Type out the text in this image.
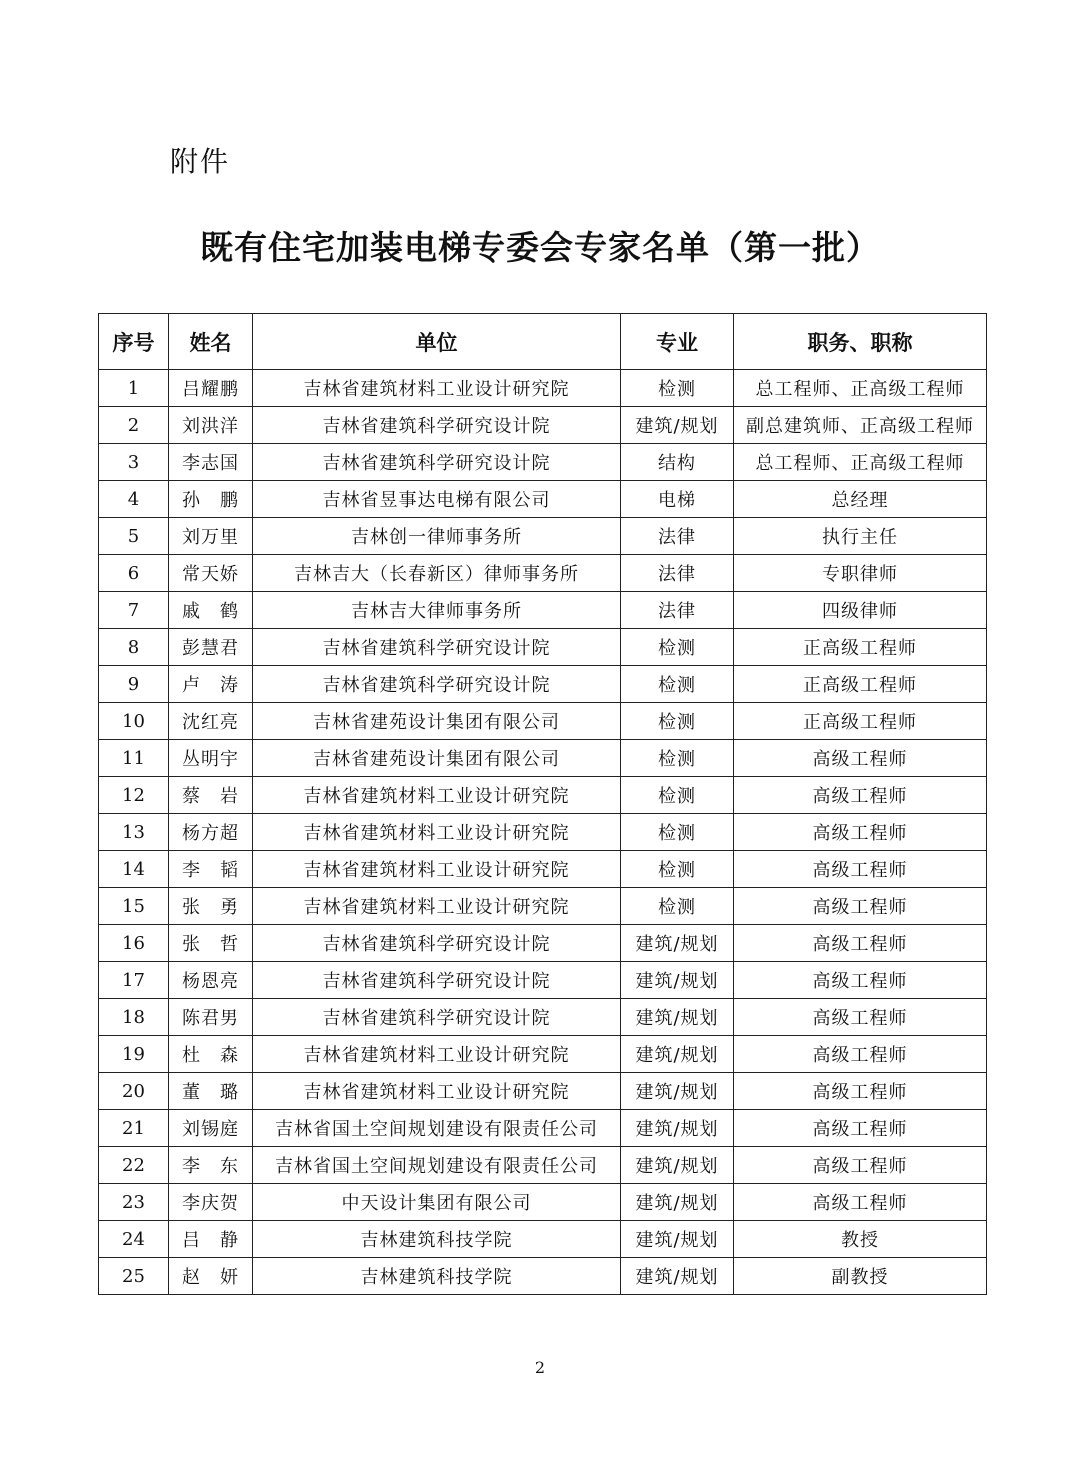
附件
既有住宅加装电梯专委会专家名单（第一批）
序号	姓名	单位	专业	职务、职称
1	吕耀鹏	吉林省建筑材料工业设计研究院	检测	总工程师、正高级工程师
2	刘洪洋	吉林省建筑科学研究设计院	建筑/规划	副总建筑师、正高级工程师
3	李志国	吉林省建筑科学研究设计院	结构	总工程师、正高级工程师
4	孙　鹏	吉林省昱事达电梯有限公司	电梯	总经理
5	刘万里	吉林创一律师事务所	法律	执行主任
6	常天娇	吉林吉大（长春新区）律师事务所	法律	专职律师
7	戚　鹤	吉林吉大律师事务所	法律	四级律师
8	彭慧君	吉林省建筑科学研究设计院	检测	正高级工程师
9	卢　涛	吉林省建筑科学研究设计院	检测	正高级工程师
10	沈红亮	吉林省建苑设计集团有限公司	检测	正高级工程师
11	丛明宇	吉林省建苑设计集团有限公司	检测	高级工程师
12	蔡　岩	吉林省建筑材料工业设计研究院	检测	高级工程师
13	杨方超	吉林省建筑材料工业设计研究院	检测	高级工程师
14	李　韬	吉林省建筑材料工业设计研究院	检测	高级工程师
15	张　勇	吉林省建筑材料工业设计研究院	检测	高级工程师
16	张　哲	吉林省建筑科学研究设计院	建筑/规划	高级工程师
17	杨恩亮	吉林省建筑科学研究设计院	建筑/规划	高级工程师
18	陈君男	吉林省建筑科学研究设计院	建筑/规划	高级工程师
19	杜　森	吉林省建筑材料工业设计研究院	建筑/规划	高级工程师
20	董　璐	吉林省建筑材料工业设计研究院	建筑/规划	高级工程师
21	刘锡庭	吉林省国土空间规划建设有限责任公司	建筑/规划	高级工程师
22	李　东	吉林省国土空间规划建设有限责任公司	建筑/规划	高级工程师
23	李庆贺	中天设计集团有限公司	建筑/规划	高级工程师
24	吕　静	吉林建筑科技学院	建筑/规划	教授
25	赵　妍	吉林建筑科技学院	建筑/规划	副教授
2
